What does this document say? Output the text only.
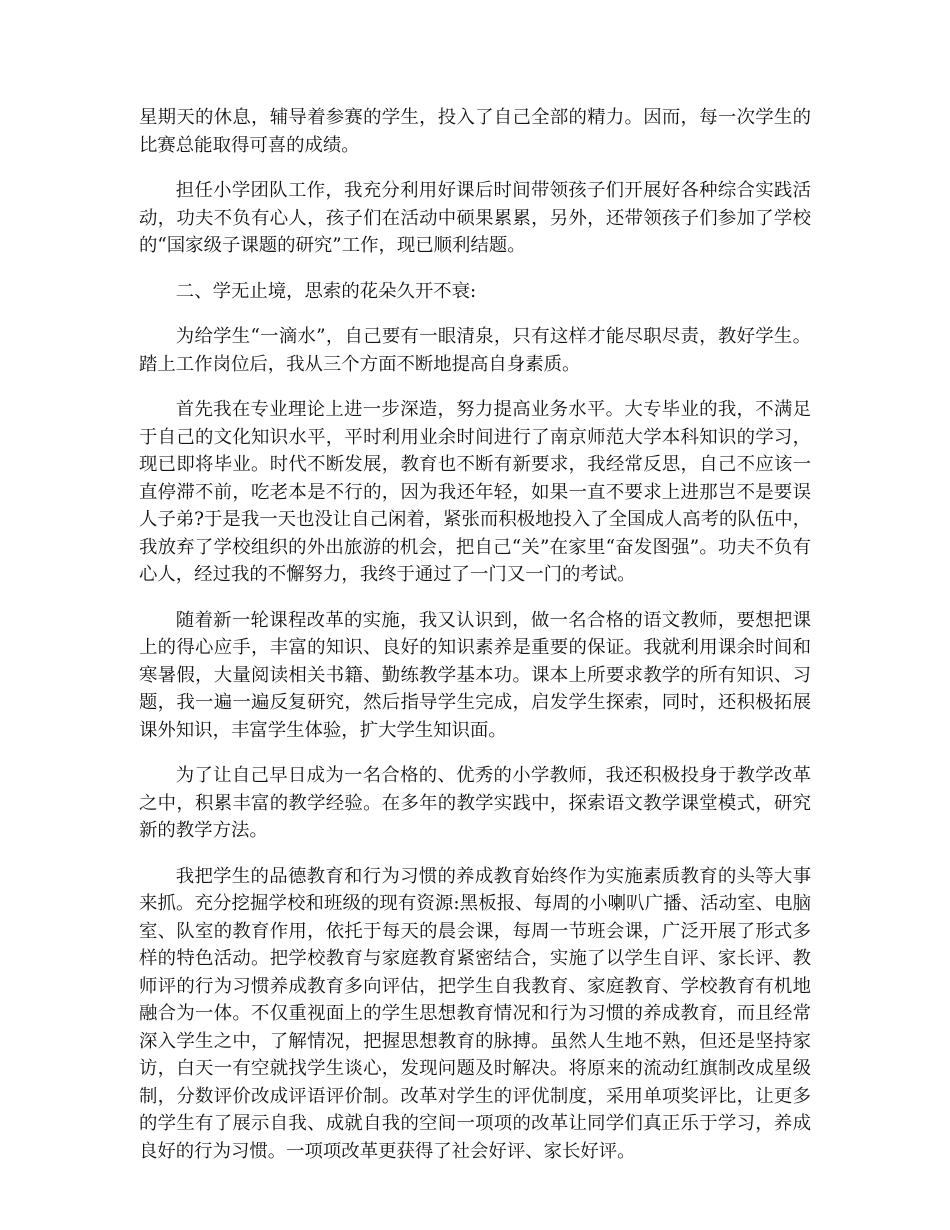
星期天的休息，辅导着参赛的学生，投入了自己全部的精力。因而，每一次学生的比赛总能取得可喜的成绩。

担任小学团队工作，我充分利用好课后时间带领孩子们开展好各种综合实践活动，功夫不负有心人，孩子们在活动中硕果累累，另外，还带领孩子们参加了学校的“国家级子课题的研究”工作，现已顺利结题。

二、学无止境，思索的花朵久开不衰:

为给学生“一滴水”，自己要有一眼清泉，只有这样才能尽职尽责，教好学生。踏上工作岗位后，我从三个方面不断地提高自身素质。

首先我在专业理论上进一步深造，努力提高业务水平。大专毕业的我，不满足于自己的文化知识水平，平时利用业余时间进行了南京师范大学本科知识的学习，现已即将毕业。时代不断发展，教育也不断有新要求，我经常反思，自己不应该一直停滞不前，吃老本是不行的，因为我还年轻，如果一直不要求上进那岂不是要误人子弟?于是我一天也没让自己闲着，紧张而积极地投入了全国成人高考的队伍中，我放弃了学校组织的外出旅游的机会，把自己“关”在家里“奋发图强”。功夫不负有心人，经过我的不懈努力，我终于通过了一门又一门的考试。

随着新一轮课程改革的实施，我又认识到，做一名合格的语文教师，要想把课上的得心应手，丰富的知识、良好的知识素养是重要的保证。我就利用课余时间和寒暑假，大量阅读相关书籍、勤练教学基本功。课本上所要求教学的所有知识、习题，我一遍一遍反复研究，然后指导学生完成，启发学生探索，同时，还积极拓展课外知识，丰富学生体验，扩大学生知识面。

为了让自己早日成为一名合格的、优秀的小学教师，我还积极投身于教学改革之中，积累丰富的教学经验。在多年的教学实践中，探索语文教学课堂模式，研究新的教学方法。

我把学生的品德教育和行为习惯的养成教育始终作为实施素质教育的头等大事来抓。充分挖掘学校和班级的现有资源:黑板报、每周的小喇叭广播、活动室、电脑室、队室的教育作用，依托于每天的晨会课，每周一节班会课，广泛开展了形式多样的特色活动。把学校教育与家庭教育紧密结合，实施了以学生自评、家长评、教师评的行为习惯养成教育多向评估，把学生自我教育、家庭教育、学校教育有机地融合为一体。不仅重视面上的学生思想教育情况和行为习惯的养成教育，而且经常深入学生之中，了解情况，把握思想教育的脉搏。虽然人生地不熟，但还是坚持家访，白天一有空就找学生谈心，发现问题及时解决。将原来的流动红旗制改成星级制，分数评价改成评语评价制。改革对学生的评优制度，采用单项奖评比，让更多的学生有了展示自我、成就自我的空间一项项的改革让同学们真正乐于学习，养成良好的行为习惯。一项项改革更获得了社会好评、家长好评。
